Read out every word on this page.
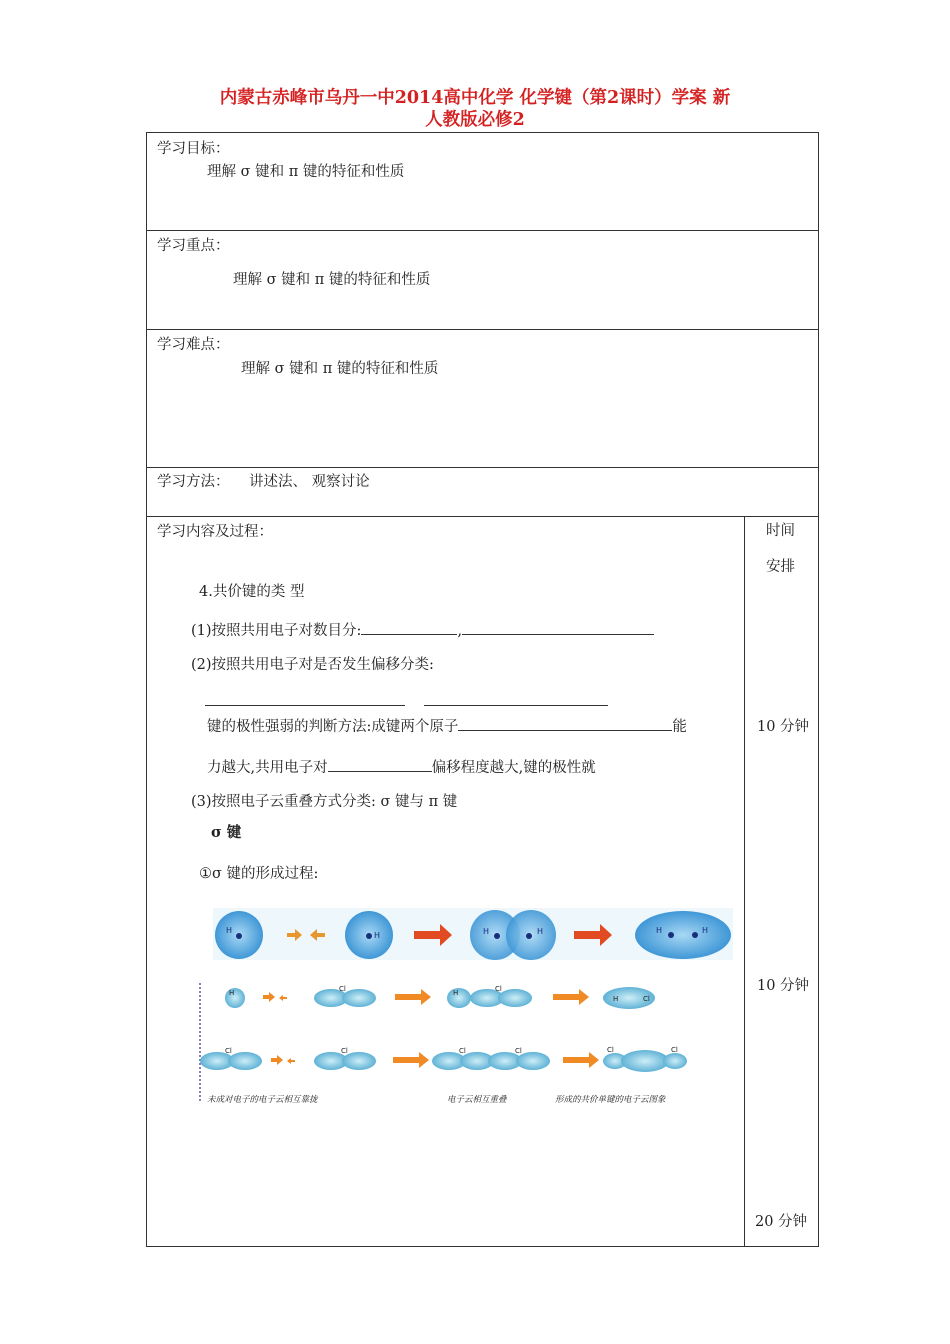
内蒙古赤峰市乌丹一中2014高中化学 化学键（第2课时）学案 新
人教版必修2
学习目标：
理解 σ 键和 π 键的特征和性质
学习重点：
理解 σ 键和 π 键的特征和性质
学习难点：
理解 σ 键和 π 键的特征和性质
学习方法： 讲述法、 观察讨论
学习内容及过程：	时间
安排
4.共价键的类 型
(1)按照共用电子对数目分:	,
(2)按照共用电子对是否发生偏移分类:
键的极性强弱的判断方法:成键两个原子	能
力越大,共用电子对	偏移程度越大,键的极性就
(3)按照电子云重叠方式分类: σ 键与 π 键
σ 键
①σ 键的形成过程:
10 分钟
10 分钟
20 分钟
H
H	H	H	H	H
H	Cl	H	Cl
H	Cl
Cl	Cl	Cl	Cl	Cl	Cl
未成对电子的电子云相互靠拢	电子云相互重叠	形成的共价单键的电子云图象
